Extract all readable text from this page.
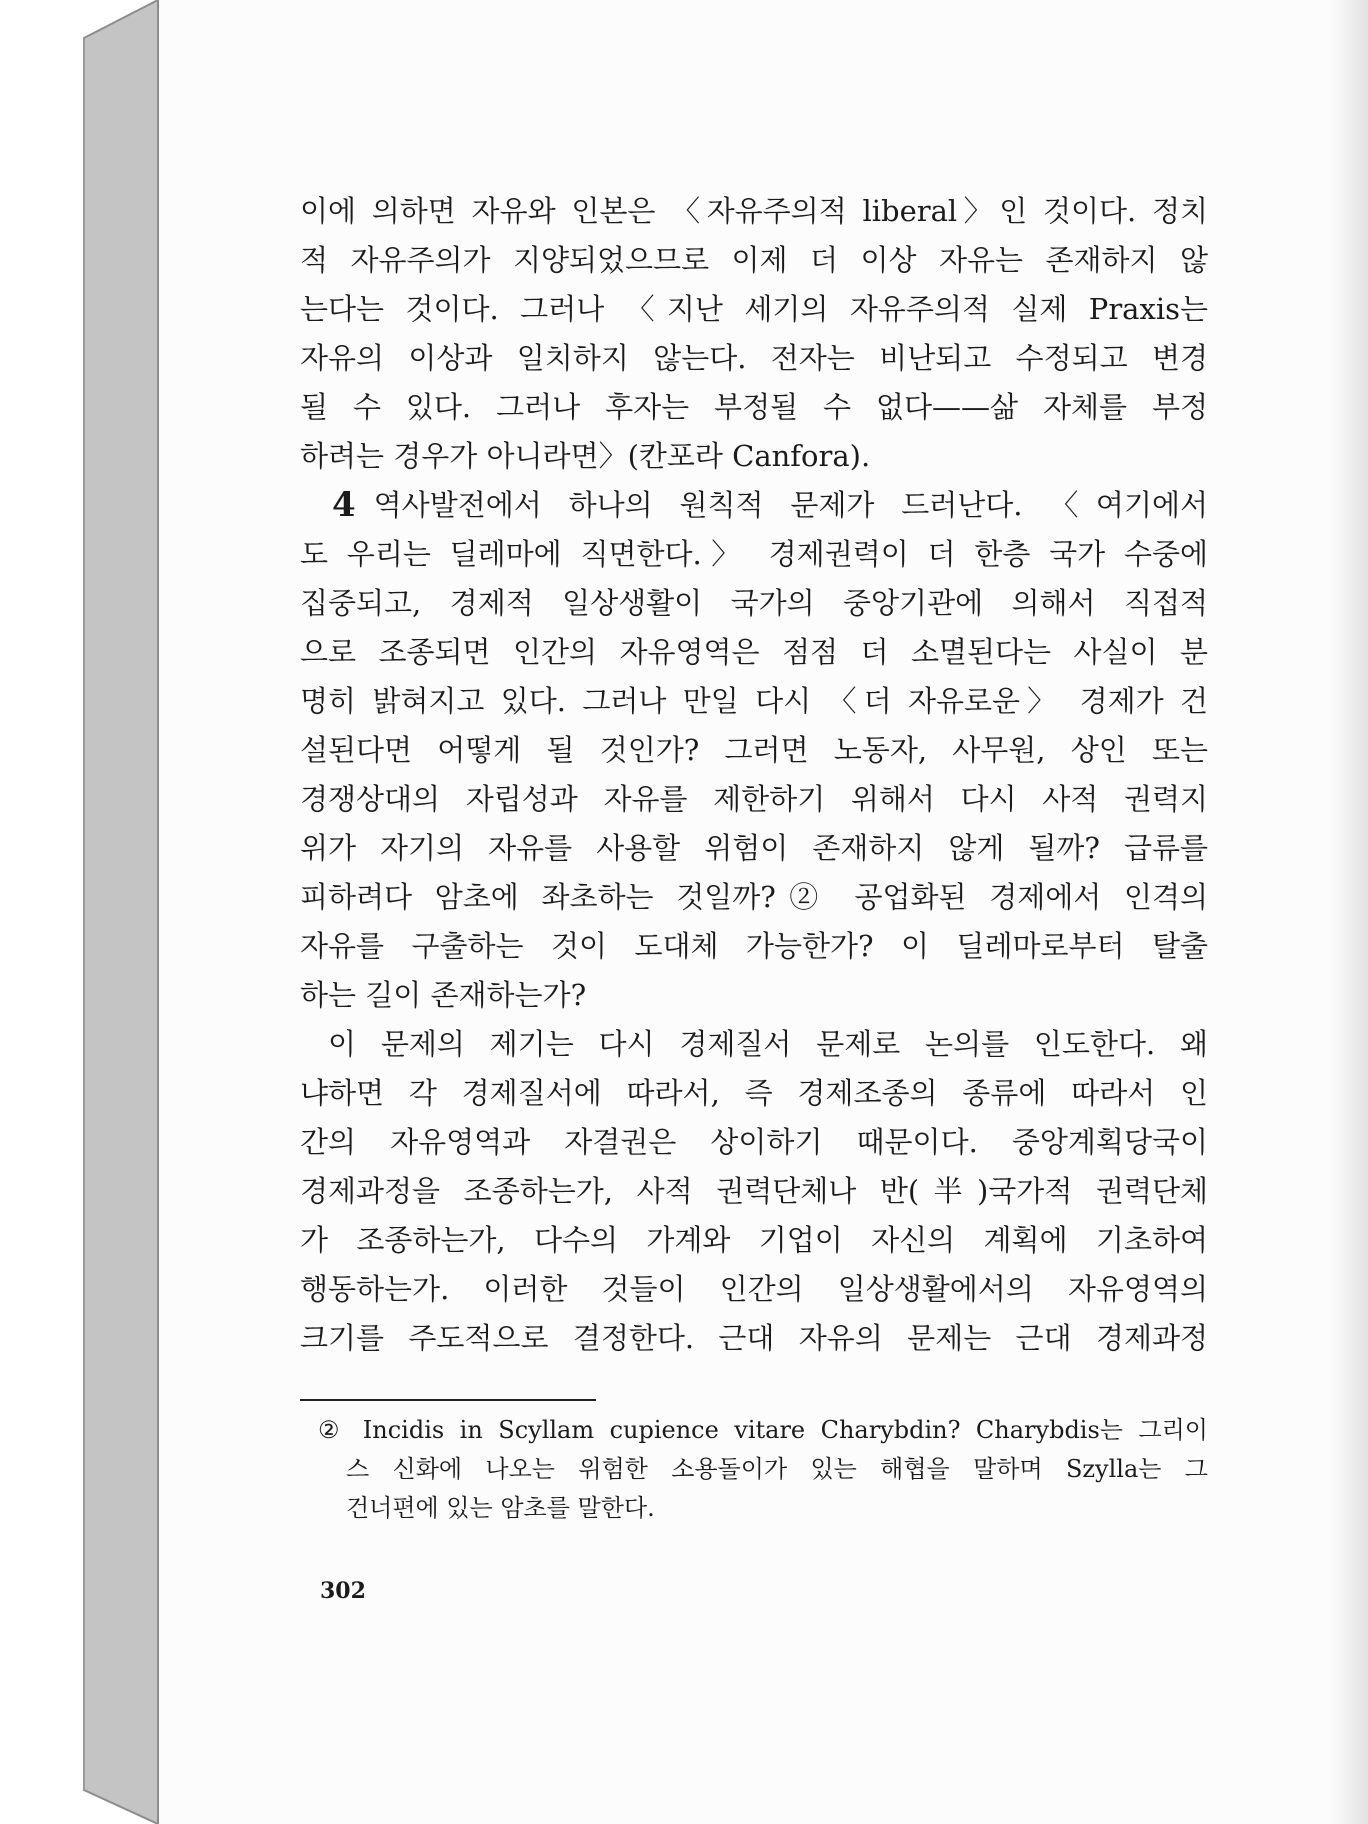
이에 의하면 자유와 인본은 〈자유주의적 liberal〉인 것이다. 정치
적 자유주의가 지양되었으므로 이제 더 이상 자유는 존재하지 않
는다는 것이다. 그러나 〈지난 세기의 자유주의적 실제 Praxis는
자유의 이상과 일치하지 않는다. 전자는 비난되고 수정되고 변경
될 수 있다. 그러나 후자는 부정될 수 없다——삶 자체를 부정
하려는 경우가 아니라면〉(칸포라 Canfora).
4 역사발전에서 하나의 원칙적 문제가 드러난다. 〈여기에서
도 우리는 딜레마에 직면한다.〉 경제권력이 더 한층 국가 수중에
집중되고, 경제적 일상생활이 국가의 중앙기관에 의해서 직접적
으로 조종되면 인간의 자유영역은 점점 더 소멸된다는 사실이 분
명히 밝혀지고 있다. 그러나 만일 다시 〈더 자유로운〉 경제가 건
설된다면 어떻게 될 것인가? 그러면 노동자, 사무원, 상인 또는
경쟁상대의 자립성과 자유를 제한하기 위해서 다시 사적 권력지
위가 자기의 자유를 사용할 위험이 존재하지 않게 될까? 급류를
피하려다 암초에 좌초하는 것일까?② 공업화된 경제에서 인격의
자유를 구출하는 것이 도대체 가능한가? 이 딜레마로부터 탈출
하는 길이 존재하는가?
이 문제의 제기는 다시 경제질서 문제로 논의를 인도한다. 왜
냐하면 각 경제질서에 따라서, 즉 경제조종의 종류에 따라서 인
간의 자유영역과 자결권은 상이하기 때문이다. 중앙계획당국이
경제과정을 조종하는가, 사적 권력단체나 반(半)국가적 권력단체
가 조종하는가, 다수의 가계와 기업이 자신의 계획에 기초하여
행동하는가. 이러한 것들이 인간의 일상생활에서의 자유영역의
크기를 주도적으로 결정한다. 근대 자유의 문제는 근대 경제과정
② Incidis in Scyllam cupience vitare Charybdin? Charybdis는 그리이
스 신화에 나오는 위험한 소용돌이가 있는 해협을 말하며 Szylla는 그
건너편에 있는 암초를 말한다.
302
